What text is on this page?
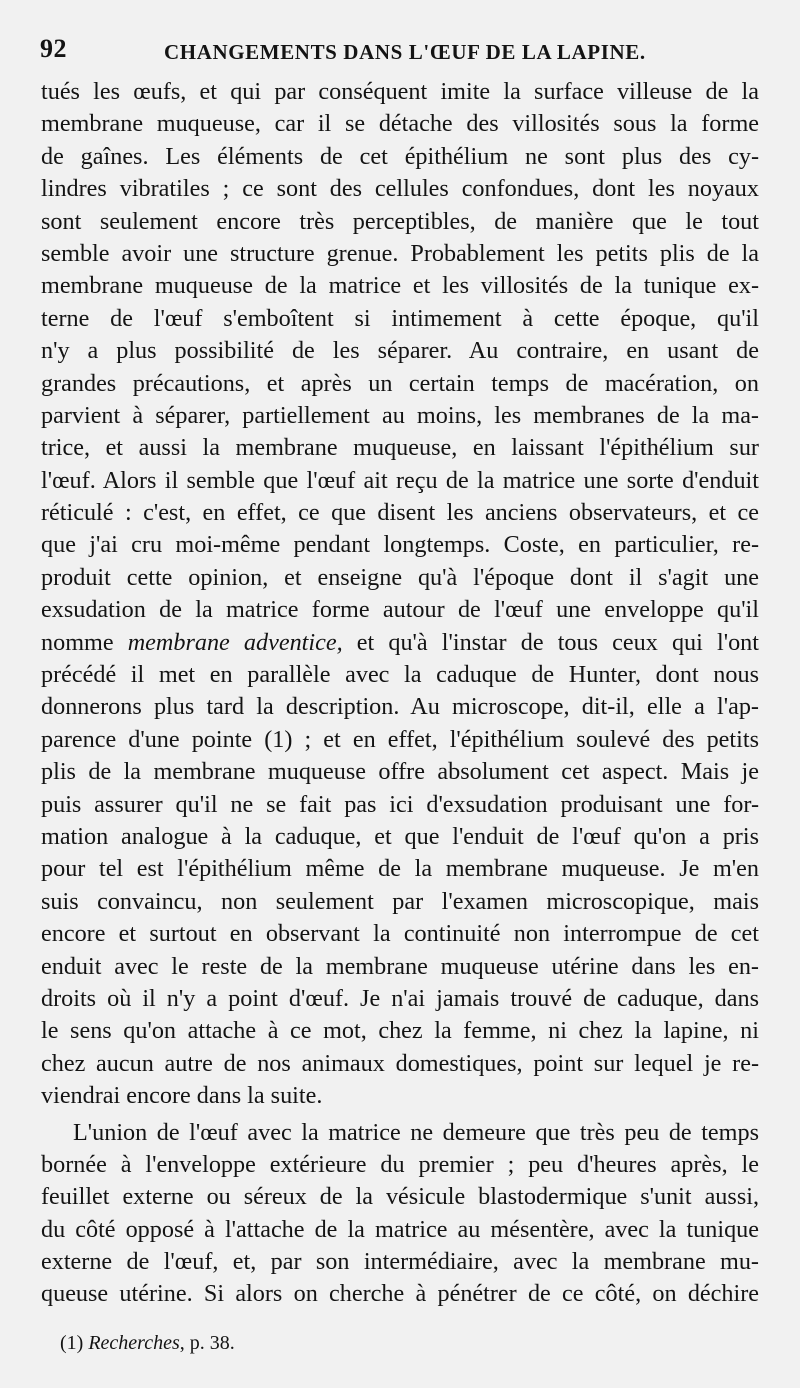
92	CHANGEMENTS DANS L'ŒUF DE LA LAPINE.
tués les œufs, et qui par conséquent imite la surface villeuse de la
membrane muqueuse, car il se détache des villosités sous la forme
de gaînes. Les éléments de cet épithélium ne sont plus des cy-
lindres vibratiles ; ce sont des cellules confondues, dont les noyaux
sont seulement encore très perceptibles, de manière que le tout
semble avoir une structure grenue. Probablement les petits plis de la
membrane muqueuse de la matrice et les villosités de la tunique ex-
terne de l'œuf s'emboîtent si intimement à cette époque, qu'il
n'y a plus possibilité de les séparer. Au contraire, en usant de
grandes précautions, et après un certain temps de macération, on
parvient à séparer, partiellement au moins, les membranes de la ma-
trice, et aussi la membrane muqueuse, en laissant l'épithélium sur
l'œuf. Alors il semble que l'œuf ait reçu de la matrice une sorte d'enduit
réticulé : c'est, en effet, ce que disent les anciens observateurs, et ce
que j'ai cru moi-même pendant longtemps. Coste, en particulier, re-
produit cette opinion, et enseigne qu'à l'époque dont il s'agit une
exsudation de la matrice forme autour de l'œuf une enveloppe qu'il
nomme membrane adventice, et qu'à l'instar de tous ceux qui l'ont
précédé il met en parallèle avec la caduque de Hunter, dont nous
donnerons plus tard la description. Au microscope, dit-il, elle a l'ap-
parence d'une pointe (1) ; et en effet, l'épithélium soulevé des petits
plis de la membrane muqueuse offre absolument cet aspect. Mais je
puis assurer qu'il ne se fait pas ici d'exsudation produisant une for-
mation analogue à la caduque, et que l'enduit de l'œuf qu'on a pris
pour tel est l'épithélium même de la membrane muqueuse. Je m'en
suis convaincu, non seulement par l'examen microscopique, mais
encore et surtout en observant la continuité non interrompue de cet
enduit avec le reste de la membrane muqueuse utérine dans les en-
droits où il n'y a point d'œuf. Je n'ai jamais trouvé de caduque, dans
le sens qu'on attache à ce mot, chez la femme, ni chez la lapine, ni
chez aucun autre de nos animaux domestiques, point sur lequel je re-
viendrai encore dans la suite.
L'union de l'œuf avec la matrice ne demeure que très peu de temps
bornée à l'enveloppe extérieure du premier ; peu d'heures après, le
feuillet externe ou séreux de la vésicule blastodermique s'unit aussi,
du côté opposé à l'attache de la matrice au mésentère, avec la tunique
externe de l'œuf, et, par son intermédiaire, avec la membrane mu-
queuse utérine. Si alors on cherche à pénétrer de ce côté, on déchire
(1) Recherches, p. 38.
